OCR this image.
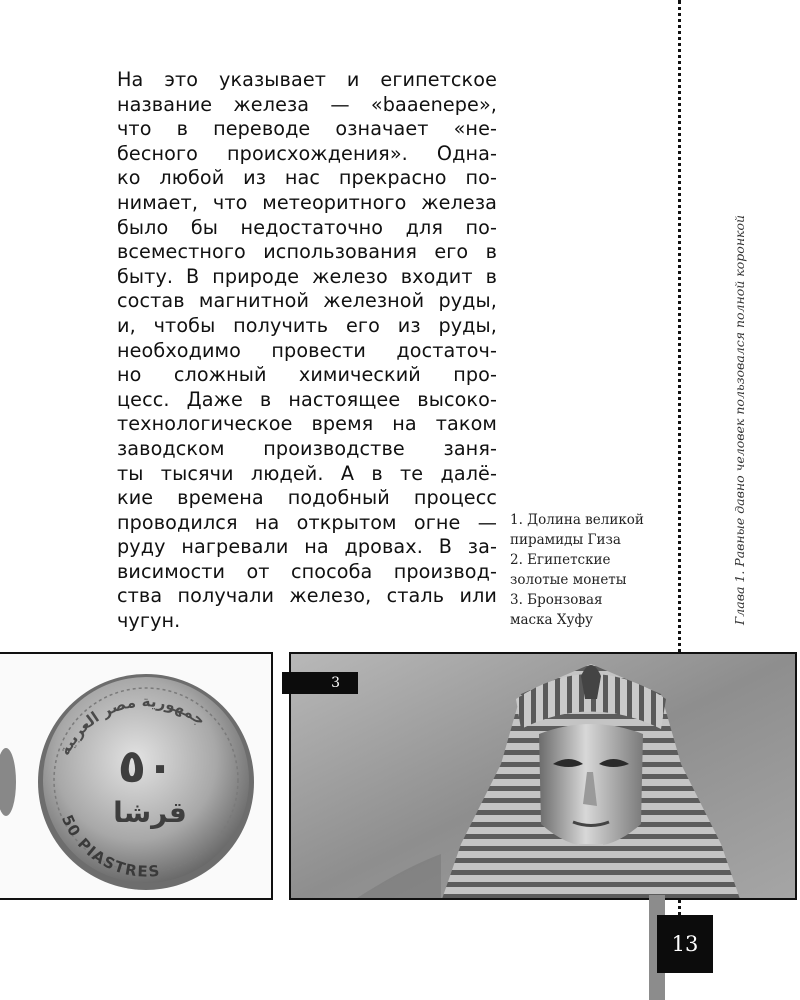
На это указывает и египетское
название железа — «baaenepe»,
что в переводе означает «не-
бесного происхождения». Одна-
ко любой из нас прекрасно по-
нимает, что метеоритного железа
было бы недостаточно для по-
всеместного использования его в
быту. В природе железо входит в
состав магнитной железной руды,
и, чтобы получить его из руды,
необходимо провести достаточ-
но сложный химический про-
цесс. Даже в настоящее высоко-
технологическое время на таком
заводском производстве заня-
ты тысячи людей. А в те далё-
кие времена подобный процесс
проводился на открытом огне —
руду нагревали на дровах. В за-
висимости от способа производ-
ства получали железо, сталь или
чугун.
1. Долина великой
пирамиды Гиза
2. Египетские
золотые монеты
3. Бронзовая
маска Хуфу	Глава 1. Равные давно человек пользовался полной коронкой
ﺟﻤﻬﻮﺭﻳﺔ ﻣﺼﺮ ﺍﻟﻌﺮﺑﻴﺔ
٥٠
قرشا
50 PIASTRES
3
13
